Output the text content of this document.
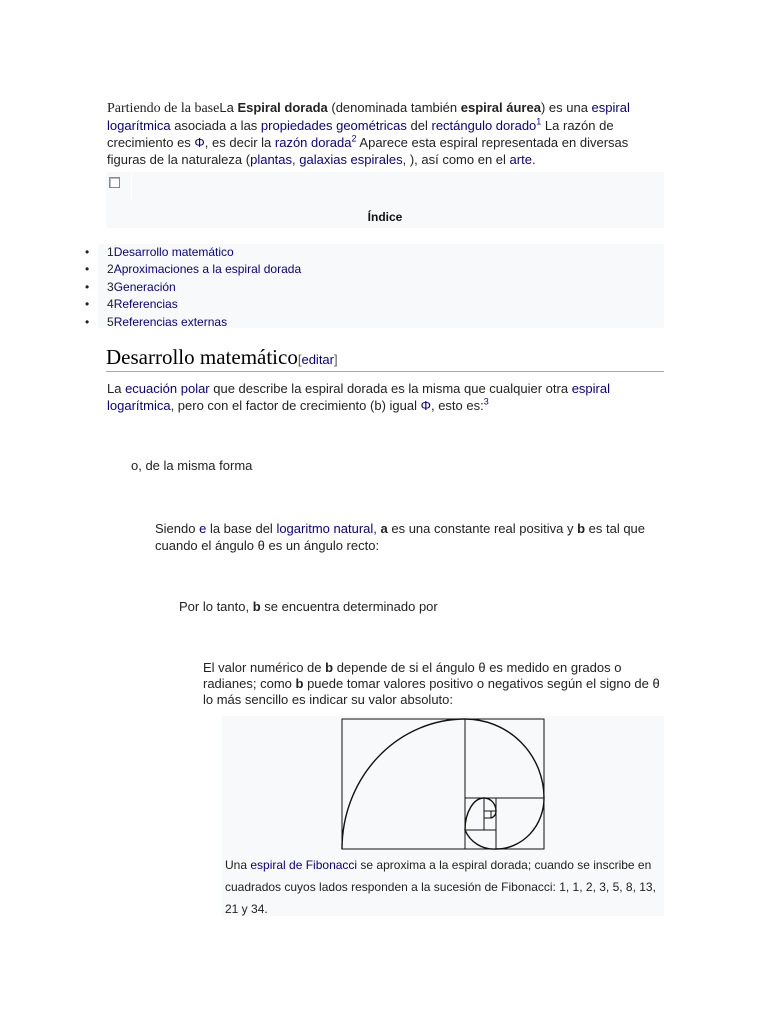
Partiendo de la baseLa Espiral dorada (denominada también espiral áurea) es una espiral logarítmica asociada a las propiedades geométricas del rectángulo dorado$^1$ La razón de crecimiento es Φ, es decir la razón dorada$^2$ Aparece esta espiral representada en diversas figuras de la naturaleza (plantas, galaxias espirales, ), así como en el arte.
Índice
• 1Desarrollo matemático
• 2Aproximaciones a la espiral dorada
• 3Generación
• 4Referencias
• 5Referencias externas
Desarrollo matemático[editar]
La ecuación polar que describe la espiral dorada es la misma que cualquier otra espiral logarítmica, pero con el factor de crecimiento (b) igual Φ, esto es:$^3$
o, de la misma forma
Siendo e la base del logaritmo natural, a es una constante real positiva y b es tal que cuando el ángulo θ es un ángulo recto:
Por lo tanto, b se encuentra determinado por
El valor numérico de b depende de si el ángulo θ es medido en grados o radianes; como b puede tomar valores positivo o negativos según el signo de θ lo más sencillo es indicar su valor absoluto:
Una espiral de Fibonacci se aproxima a la espiral dorada; cuando se inscribe en cuadrados cuyos lados responden a la sucesión de Fibonacci: 1, 1, 2, 3, 5, 8, 13, 21 y 34.
